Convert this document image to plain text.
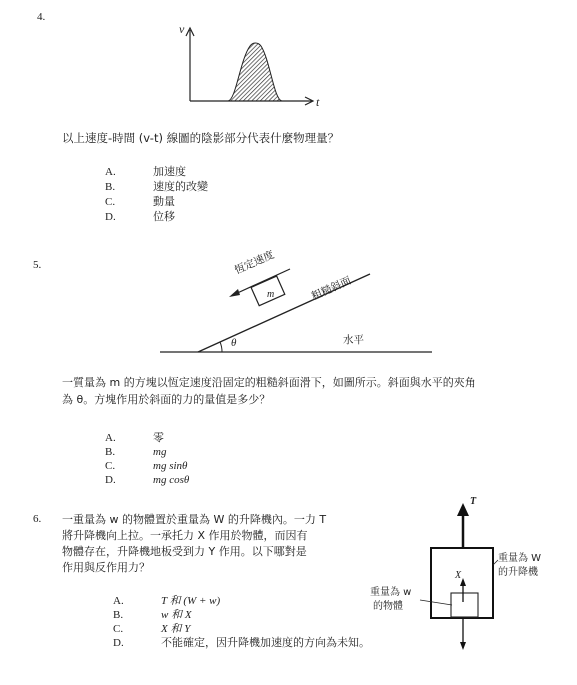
4.
v
t
以上速度-時間 (v-t) 線圖的陰影部分代表什麼物理量？
A.	加速度
B.	速度的改變
C.	動量
D.	位移
5.	恆定速度
粗糙斜面
m
θ	水平
一質量為 m 的方塊以恆定速度沿固定的粗糙斜面滑下，如圖所示。斜面與水平的夾角
為 θ。方塊作用於斜面的力的量值是多少？
A.	零
B.	mg
C.	mg sinθ
D.	mg cosθ
6. 一重量為 w 的物體置於重量為 W 的升降機內。一力 T
將升降機向上拉。一承托力 X 作用於物體，而因有
物體存在，升降機地板受到力 Y 作用。以下哪對是
作用與反作用力？
T
X
重量為 W
的升降機
重量為 w
的物體
A.	T 和 (W + w)
B.	w 和 X
C.	X 和 Y
D.	不能確定，因升降機加速度的方向為未知。
